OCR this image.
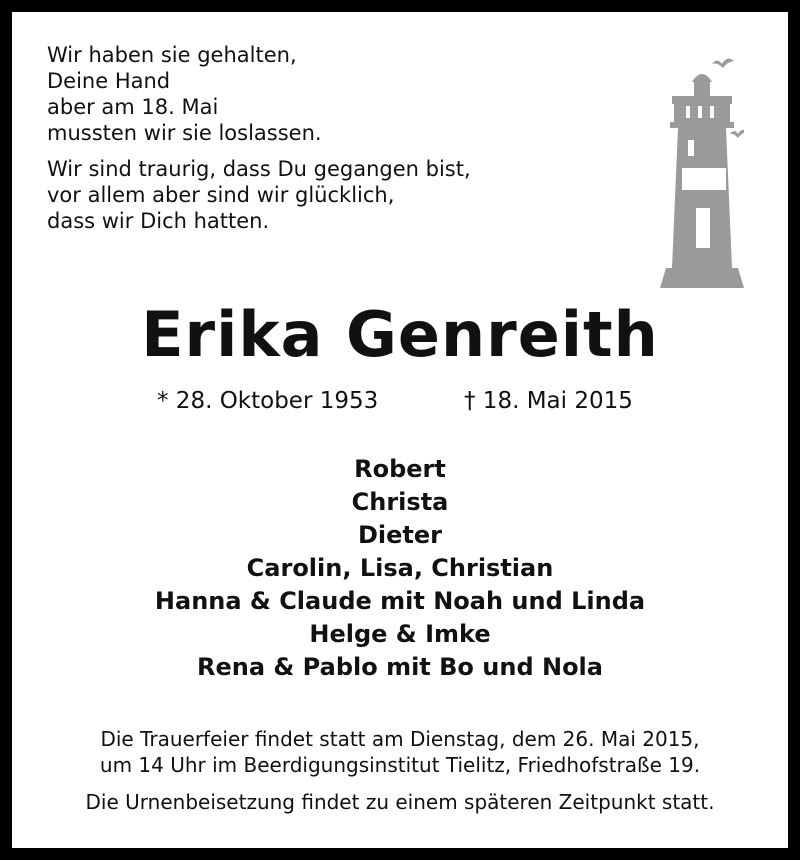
Wir haben sie gehalten,
Deine Hand
aber am 18. Mai
mussten wir sie loslassen.
Wir sind traurig, dass Du gegangen bist,
vor allem aber sind wir glücklich,
dass wir Dich hatten.
Erika Genreith
* 28. Oktober 1953	† 18. Mai 2015
Robert
Christa
Dieter
Carolin, Lisa, Christian
Hanna & Claude mit Noah und Linda
Helge & Imke
Rena & Pablo mit Bo und Nola
Die Trauerfeier findet statt am Dienstag, dem 26. Mai 2015,
um 14 Uhr im Beerdigungsinstitut Tielitz, Friedhofstraße 19.
Die Urnenbeisetzung findet zu einem späteren Zeitpunkt statt.
